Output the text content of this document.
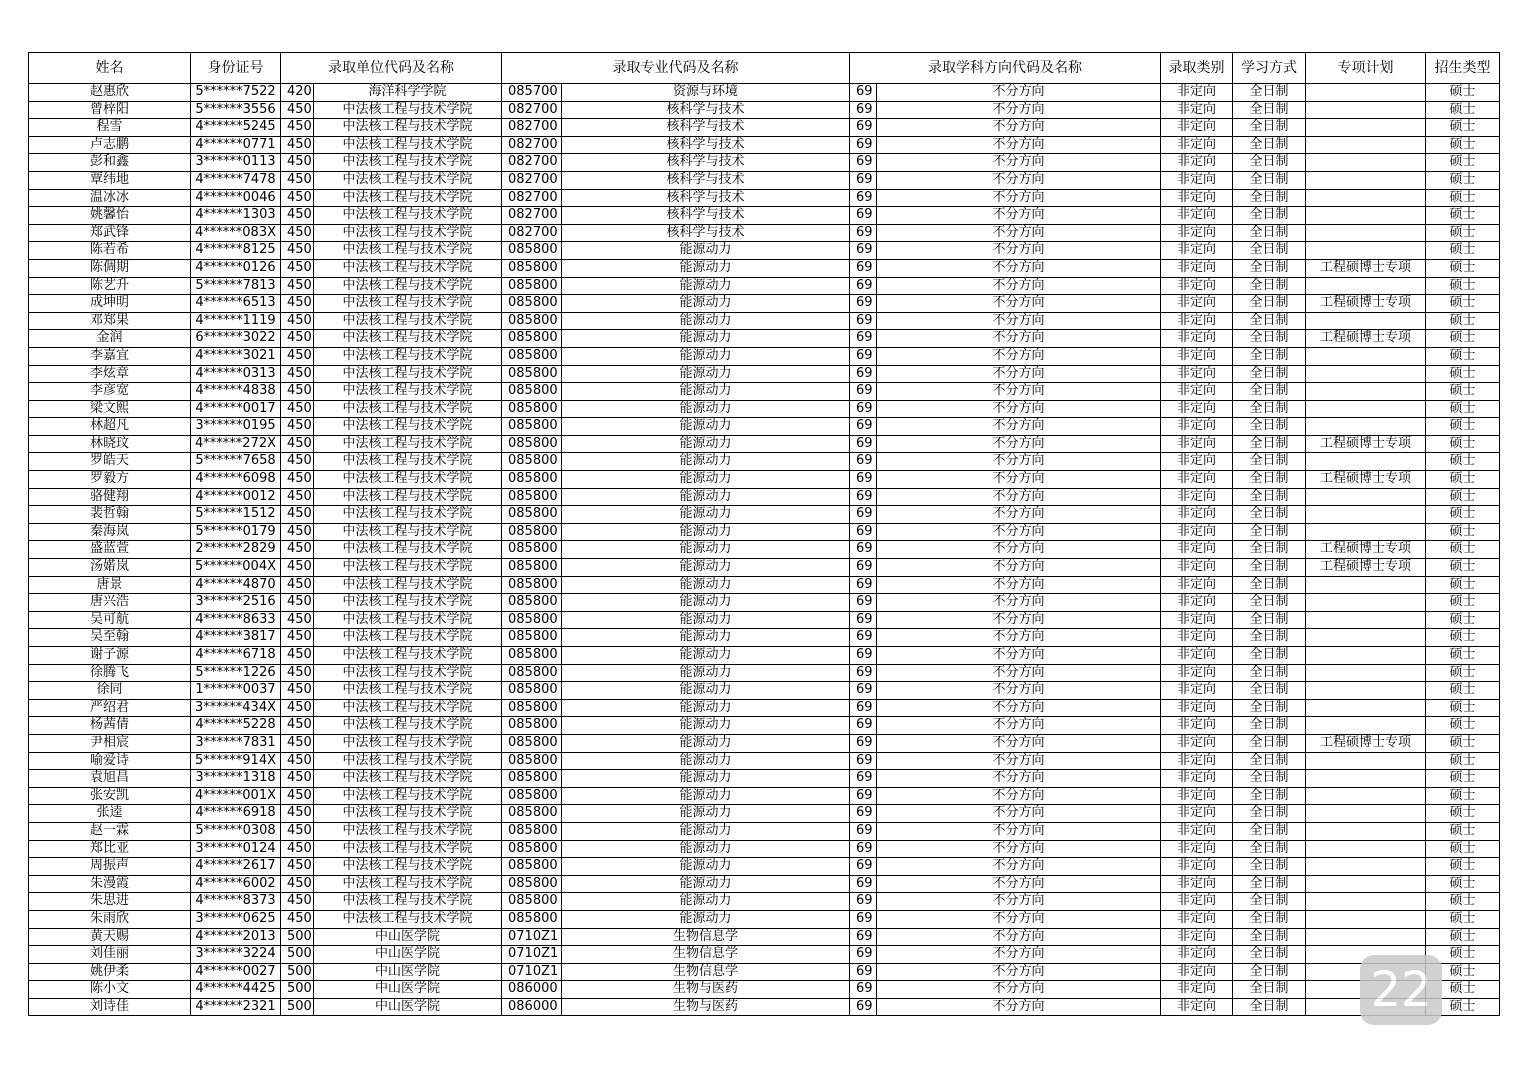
姓名	身份证号	录取单位代码及名称		录取专业代码及名称		录取学科方向代码及名称		录取类别	学习方式	专项计划	招生类型
赵惠欣	5******7522	420	海洋科学学院	085700	资源与环境	69	不分方向	非定向	全日制		硕士
曾梓阳	5******3556	450	中法核工程与技术学院	082700	核科学与技术	69	不分方向	非定向	全日制		硕士
程雪	4******5245	450	中法核工程与技术学院	082700	核科学与技术	69	不分方向	非定向	全日制		硕士
卢志鹏	4******0771	450	中法核工程与技术学院	082700	核科学与技术	69	不分方向	非定向	全日制		硕士
彭和鑫	3******0113	450	中法核工程与技术学院	082700	核科学与技术	69	不分方向	非定向	全日制		硕士
覃纬地	4******7478	450	中法核工程与技术学院	082700	核科学与技术	69	不分方向	非定向	全日制		硕士
温冰冰	4******0046	450	中法核工程与技术学院	082700	核科学与技术	69	不分方向	非定向	全日制		硕士
姚馨怡	4******1303	450	中法核工程与技术学院	082700	核科学与技术	69	不分方向	非定向	全日制		硕士
郑武锋	4******083X	450	中法核工程与技术学院	082700	核科学与技术	69	不分方向	非定向	全日制		硕士
陈若希	4******8125	450	中法核工程与技术学院	085800	能源动力	69	不分方向	非定向	全日制		硕士
陈倜期	4******0126	450	中法核工程与技术学院	085800	能源动力	69	不分方向	非定向	全日制	工程硕博士专项	硕士
陈艺升	5******7813	450	中法核工程与技术学院	085800	能源动力	69	不分方向	非定向	全日制		硕士
成坤明	4******6513	450	中法核工程与技术学院	085800	能源动力	69	不分方向	非定向	全日制	工程硕博士专项	硕士
邓郑果	4******1119	450	中法核工程与技术学院	085800	能源动力	69	不分方向	非定向	全日制		硕士
金润	6******3022	450	中法核工程与技术学院	085800	能源动力	69	不分方向	非定向	全日制	工程硕博士专项	硕士
李嘉宜	4******3021	450	中法核工程与技术学院	085800	能源动力	69	不分方向	非定向	全日制		硕士
李炫章	4******0313	450	中法核工程与技术学院	085800	能源动力	69	不分方向	非定向	全日制		硕士
李彦宽	4******4838	450	中法核工程与技术学院	085800	能源动力	69	不分方向	非定向	全日制		硕士
梁文熙	4******0017	450	中法核工程与技术学院	085800	能源动力	69	不分方向	非定向	全日制		硕士
林超凡	3******0195	450	中法核工程与技术学院	085800	能源动力	69	不分方向	非定向	全日制		硕士
林晓玟	4******272X	450	中法核工程与技术学院	085800	能源动力	69	不分方向	非定向	全日制	工程硕博士专项	硕士
罗皓天	5******7658	450	中法核工程与技术学院	085800	能源动力	69	不分方向	非定向	全日制		硕士
罗毅方	4******6098	450	中法核工程与技术学院	085800	能源动力	69	不分方向	非定向	全日制	工程硕博士专项	硕士
骆健翔	4******0012	450	中法核工程与技术学院	085800	能源动力	69	不分方向	非定向	全日制		硕士
裴哲翰	5******1512	450	中法核工程与技术学院	085800	能源动力	69	不分方向	非定向	全日制		硕士
秦海岚	5******0179	450	中法核工程与技术学院	085800	能源动力	69	不分方向	非定向	全日制		硕士
盛蓝萱	2******2829	450	中法核工程与技术学院	085800	能源动力	69	不分方向	非定向	全日制	工程硕博士专项	硕士
汤婼岚	5******004X	450	中法核工程与技术学院	085800	能源动力	69	不分方向	非定向	全日制	工程硕博士专项	硕士
唐景	4******4870	450	中法核工程与技术学院	085800	能源动力	69	不分方向	非定向	全日制		硕士
唐兴浩	3******2516	450	中法核工程与技术学院	085800	能源动力	69	不分方向	非定向	全日制		硕士
吴可航	4******8633	450	中法核工程与技术学院	085800	能源动力	69	不分方向	非定向	全日制		硕士
吴至翰	4******3817	450	中法核工程与技术学院	085800	能源动力	69	不分方向	非定向	全日制		硕士
谢子源	4******6718	450	中法核工程与技术学院	085800	能源动力	69	不分方向	非定向	全日制		硕士
徐腾飞	5******1226	450	中法核工程与技术学院	085800	能源动力	69	不分方向	非定向	全日制		硕士
徐同	1******0037	450	中法核工程与技术学院	085800	能源动力	69	不分方向	非定向	全日制		硕士
严绍君	3******434X	450	中法核工程与技术学院	085800	能源动力	69	不分方向	非定向	全日制		硕士
杨茜倩	4******5228	450	中法核工程与技术学院	085800	能源动力	69	不分方向	非定向	全日制		硕士
尹相宸	3******7831	450	中法核工程与技术学院	085800	能源动力	69	不分方向	非定向	全日制	工程硕博士专项	硕士
喻爱诗	5******914X	450	中法核工程与技术学院	085800	能源动力	69	不分方向	非定向	全日制		硕士
袁旭昌	3******1318	450	中法核工程与技术学院	085800	能源动力	69	不分方向	非定向	全日制		硕士
张安凯	4******001X	450	中法核工程与技术学院	085800	能源动力	69	不分方向	非定向	全日制		硕士
张逵	4******6918	450	中法核工程与技术学院	085800	能源动力	69	不分方向	非定向	全日制		硕士
赵一霖	5******0308	450	中法核工程与技术学院	085800	能源动力	69	不分方向	非定向	全日制		硕士
郑比亚	3******0124	450	中法核工程与技术学院	085800	能源动力	69	不分方向	非定向	全日制		硕士
周振声	4******2617	450	中法核工程与技术学院	085800	能源动力	69	不分方向	非定向	全日制		硕士
朱漫霞	4******6002	450	中法核工程与技术学院	085800	能源动力	69	不分方向	非定向	全日制		硕士
朱思进	4******8373	450	中法核工程与技术学院	085800	能源动力	69	不分方向	非定向	全日制		硕士
朱雨欣	3******0625	450	中法核工程与技术学院	085800	能源动力	69	不分方向	非定向	全日制		硕士
黄天赐	4******2013	500	中山医学院	0710Z1	生物信息学	69	不分方向	非定向	全日制		硕士
刘佳丽	3******3224	500	中山医学院	0710Z1	生物信息学	69	不分方向	非定向	全日制		硕士
姚伊柔	4******0027	500	中山医学院	0710Z1	生物信息学	69	不分方向	非定向	全日制		硕士
陈小文	4******4425	500	中山医学院	086000	生物与医药	69	不分方向	非定向	全日制		硕士
刘诗佳	4******2321	500	中山医学院	086000	生物与医药	69	不分方向	非定向	全日制		硕士
22
